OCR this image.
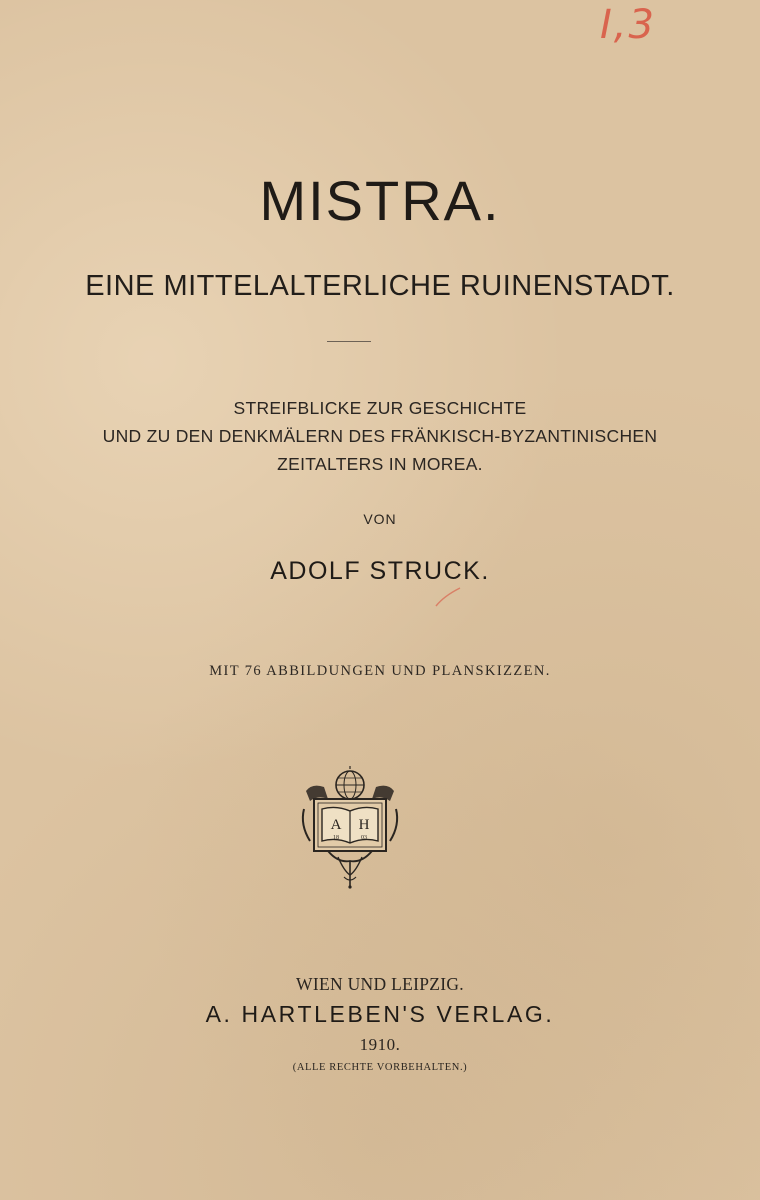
I,3
MISTRA.
EINE MITTELALTERLICHE RUINENSTADT.
STREIFBLICKE ZUR GESCHICHTE
UND ZU DEN DENKMÄLERN DES FRÄNKISCH-BYZANTINISCHEN
ZEITALTERS IN MOREA.
VON
ADOLF STRUCK.
MIT 76 ABBILDUNGEN UND PLANSKIZZEN.
A H
18	03
WIEN UND LEIPZIG.
A. HARTLEBEN'S VERLAG.
1910.
(ALLE RECHTE VORBEHALTEN.)
